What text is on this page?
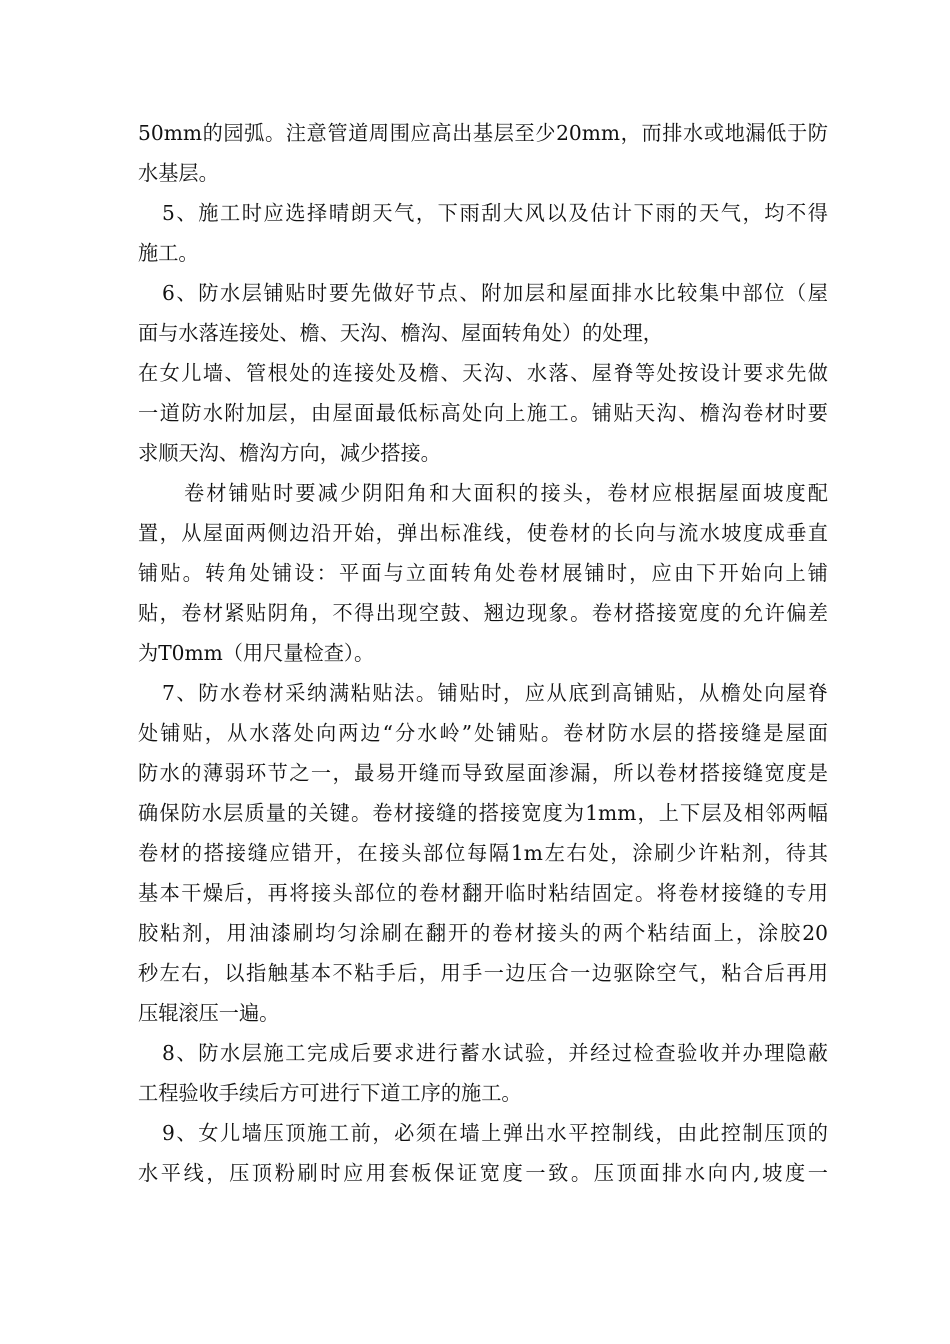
50mm的园弧。注意管道周围应高出基层至少20mm，而排水或地漏低于防
水基层。
5、施工时应选择晴朗天气，下雨刮大风以及估计下雨的天气，均不得
施工。
6、防水层铺贴时要先做好节点、附加层和屋面排水比较集中部位（屋
面与水落连接处、檐、天沟、檐沟、屋面转角处）的处理，
在女儿墙、管根处的连接处及檐、天沟、水落、屋脊等处按设计要求先做
一道防水附加层，由屋面最低标高处向上施工。铺贴天沟、檐沟卷材时要
求顺天沟、檐沟方向，减少搭接。
卷材铺贴时要减少阴阳角和大面积的接头，卷材应根据屋面坡度配
置，从屋面两侧边沿开始，弹出标准线，使卷材的长向与流水坡度成垂直
铺贴。转角处铺设：平面与立面转角处卷材展铺时，应由下开始向上铺
贴，卷材紧贴阴角，不得出现空鼓、翘边现象。卷材搭接宽度的允许偏差
为T0mm（用尺量检查）。
7、防水卷材采纳满粘贴法。铺贴时，应从底到高铺贴，从檐处向屋脊
处铺贴，从水落处向两边“分水岭”处铺贴。卷材防水层的搭接缝是屋面
防水的薄弱环节之一，最易开缝而导致屋面渗漏，所以卷材搭接缝宽度是
确保防水层质量的关键。卷材接缝的搭接宽度为1mm，上下层及相邻两幅
卷材的搭接缝应错开，在接头部位每隔1m左右处，涂刷少许粘剂，待其
基本干燥后，再将接头部位的卷材翻开临时粘结固定。将卷材接缝的专用
胶粘剂，用油漆刷均匀涂刷在翻开的卷材接头的两个粘结面上，涂胶20
秒左右，以指触基本不粘手后，用手一边压合一边驱除空气，粘合后再用
压辊滚压一遍。
8、防水层施工完成后要求进行蓄水试验，并经过检查验收并办理隐蔽
工程验收手续后方可进行下道工序的施工。
9、女儿墙压顶施工前，必须在墙上弹出水平控制线，由此控制压顶的
水平线，压顶粉刷时应用套板保证宽度一致。压顶面排水向内,坡度一
